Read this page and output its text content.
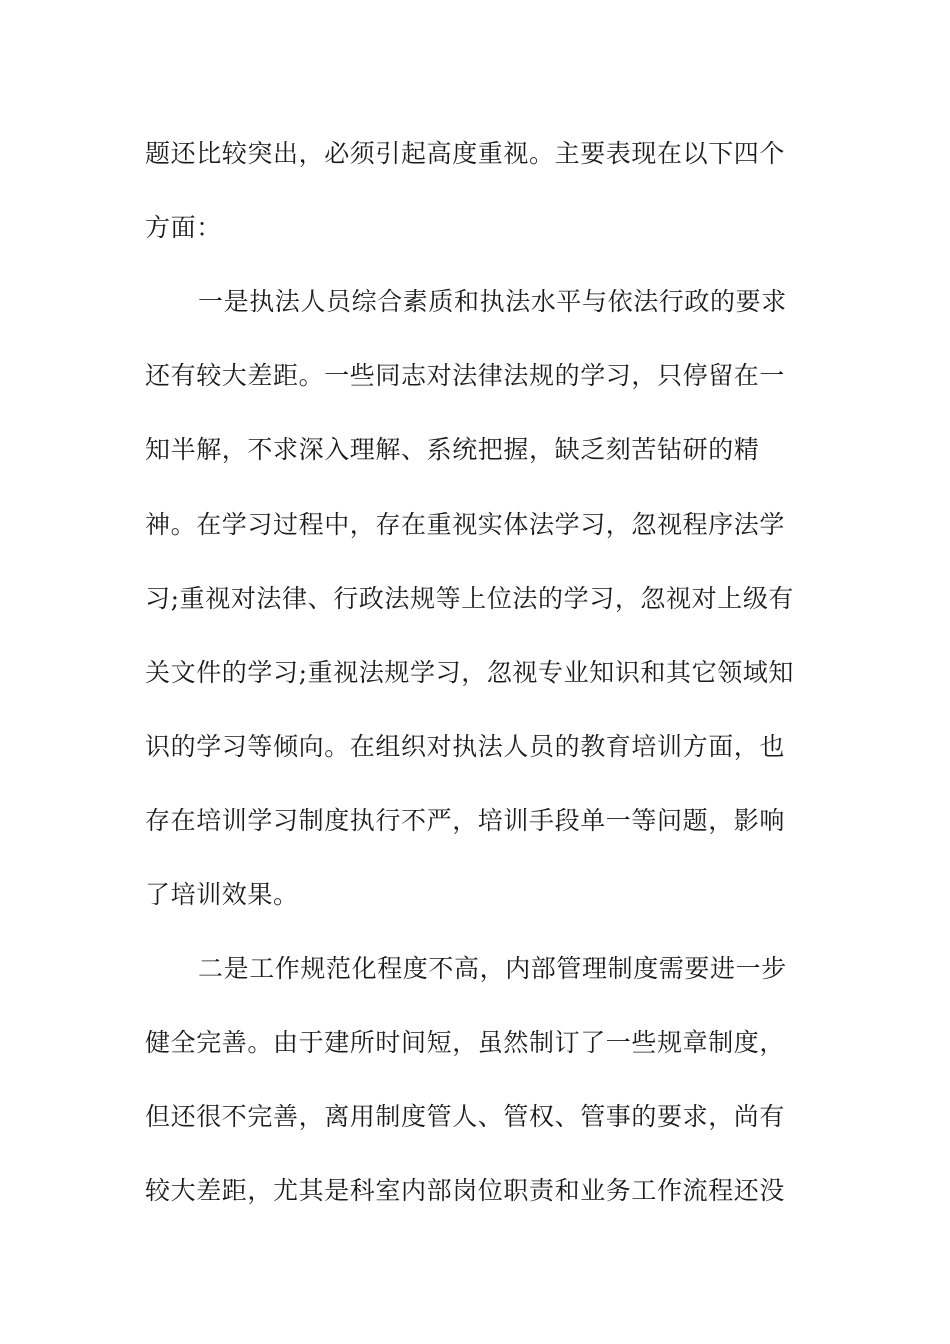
题还比较突出，必须引起高度重视。主要表现在以下四个

方面：

一是执法人员综合素质和执法水平与依法行政的要求

还有较大差距。一些同志对法律法规的学习，只停留在一

知半解，不求深入理解、系统把握，缺乏刻苦钻研的精

神。在学习过程中，存在重视实体法学习，忽视程序法学

习;重视对法律、行政法规等上位法的学习，忽视对上级有

关文件的学习;重视法规学习，忽视专业知识和其它领域知

识的学习等倾向。在组织对执法人员的教育培训方面，也

存在培训学习制度执行不严，培训手段单一等问题，影响

了培训效果。

二是工作规范化程度不高，内部管理制度需要进一步

健全完善。由于建所时间短，虽然制订了一些规章制度，

但还很不完善，离用制度管人、管权、管事的要求，尚有

较大差距，尤其是科室内部岗位职责和业务工作流程还没
